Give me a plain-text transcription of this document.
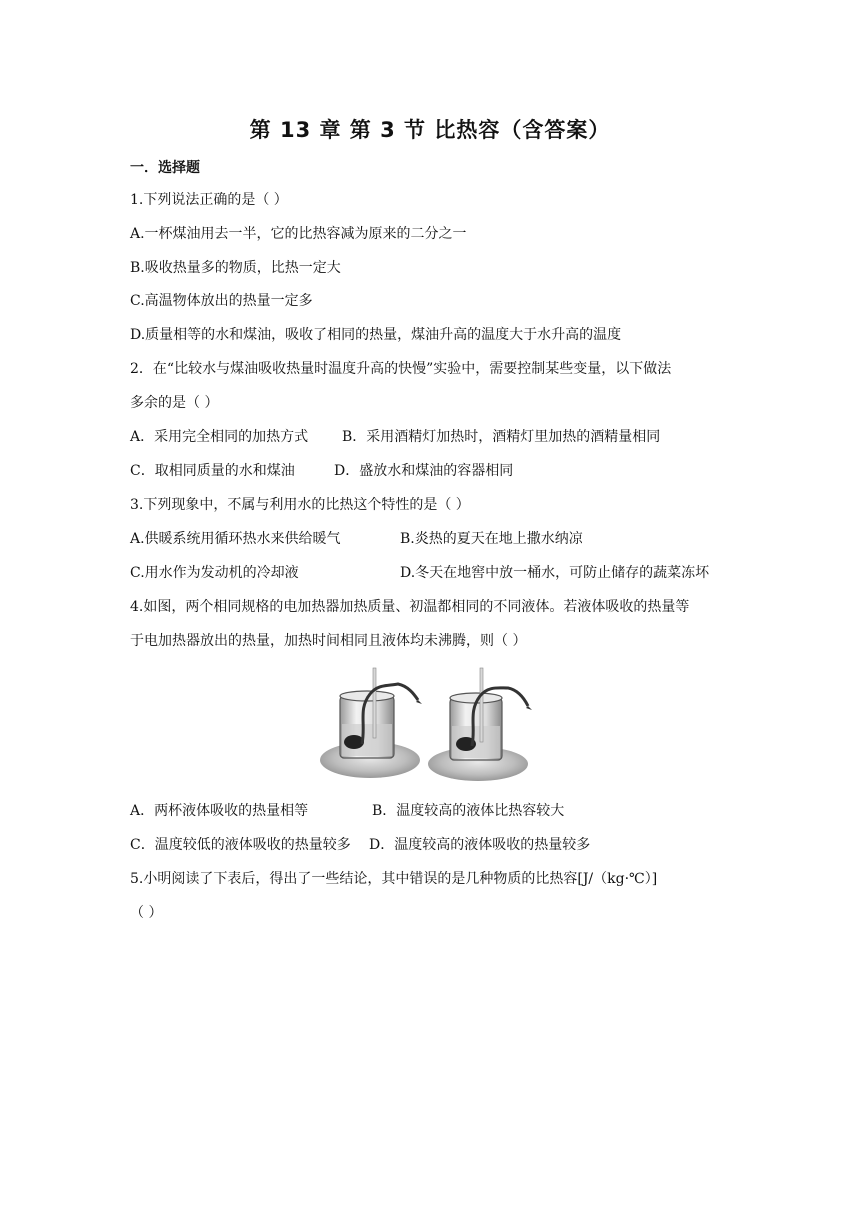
第 13 章 第 3 节 比热容（含答案）
一．选择题
1.下列说法正确的是（ ）
A.一杯煤油用去一半，它的比热容减为原来的二分之一
B.吸收热量多的物质，比热一定大
C.高温物体放出的热量一定多
D.质量相等的水和煤油，吸收了相同的热量，煤油升高的温度大于水升高的温度
2．在“比较水与煤油吸收热量时温度升高的快慢”实验中，需要控制某些变量，以下做法
多余的是（ ）
A．采用完全相同的加热方式 B．采用酒精灯加热时，酒精灯里加热的酒精量相同
C．取相同质量的水和煤油	D．盛放水和煤油的容器相同
3.下列现象中，不属与利用水的比热这个特性的是（ ）
A.供暖系统用循环热水来供给暖气	B.炎热的夏天在地上撒水纳凉
C.用水作为发动机的冷却液	D.冬天在地窖中放一桶水，可防止储存的蔬菜冻坏
4.如图，两个相同规格的电加热器加热质量、初温都相同的不同液体。若液体吸收的热量等
于电加热器放出的热量，加热时间相同且液体均未沸腾，则（ ）
A．两杯液体吸收的热量相等	B．温度较高的液体比热容较大
C．温度较低的液体吸收的热量较多 D．温度较高的液体吸收的热量较多
5.小明阅读了下表后，得出了一些结论，其中错误的是几种物质的比热容[J/（kg·℃）]
（ ）
